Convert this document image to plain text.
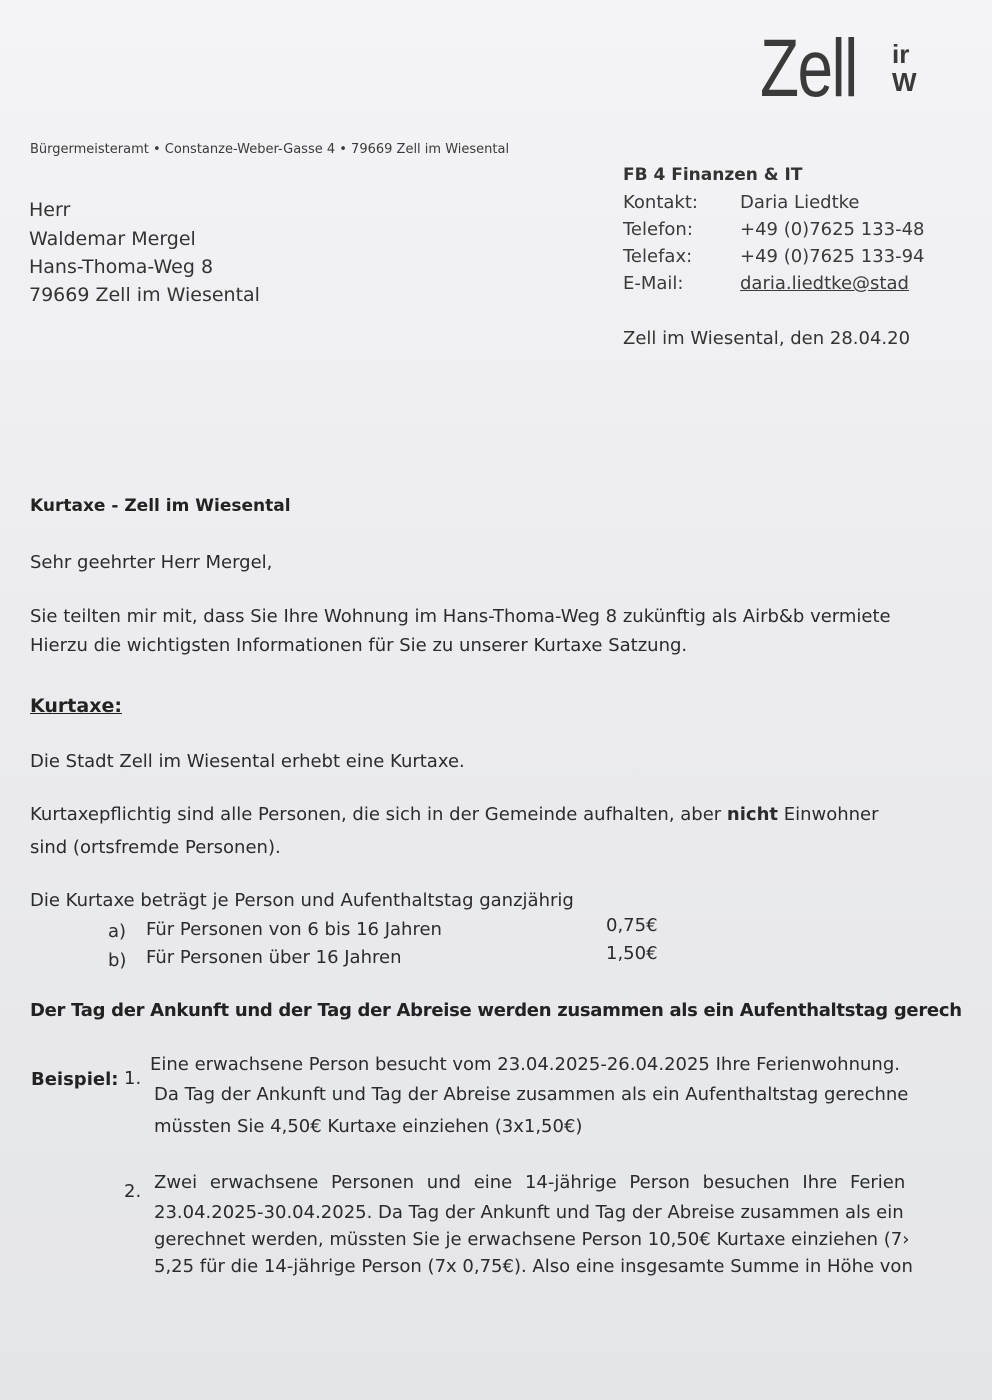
Zell ir
W
Bürgermeisteramt • Constanze-Weber-Gasse 4 • 79669 Zell im Wiesental
Herr
Waldemar Mergel
Hans-Thoma-Weg 8
79669 Zell im Wiesental
FB 4 Finanzen & IT
Kontakt: Daria Liedtke
Telefon:	+49 (0)7625 133-48
Telefax:	+49 (0)7625 133-94
E-Mail:	daria.liedtke@stad
Zell im Wiesental, den 28.04.20
Kurtaxe - Zell im Wiesental
Sehr geehrter Herr Mergel,
Sie teilten mir mit, dass Sie Ihre Wohnung im Hans-Thoma-Weg 8 zukünftig als Airb&b vermiete
Hierzu die wichtigsten Informationen für Sie zu unserer Kurtaxe Satzung.
Kurtaxe:
Die Stadt Zell im Wiesental erhebt eine Kurtaxe.
Kurtaxepflichtig sind alle Personen, die sich in der Gemeinde aufhalten, aber nicht Einwohner
sind (ortsfremde Personen).
Die Kurtaxe beträgt je Person und Aufenthaltstag ganzjährig
a) Für Personen von 6 bis 16 Jahren	0,75€
b) Für Personen über 16 Jahren	1,50€
Der Tag der Ankunft und der Tag der Abreise werden zusammen als ein Aufenthaltstag gerech
Beispiel: 1.
Eine erwachsene Person besucht vom 23.04.2025-26.04.2025 Ihre Ferienwohnung.
Da Tag der Ankunft und Tag der Abreise zusammen als ein Aufenthaltstag gerechne
müssten Sie 4,50€ Kurtaxe einziehen (3x1,50€)
2. Zwei erwachsene Personen und eine 14-jährige Person besuchen Ihre Ferien
23.04.2025-30.04.2025. Da Tag der Ankunft und Tag der Abreise zusammen als ein
gerechnet werden, müssten Sie je erwachsene Person 10,50€ Kurtaxe einziehen (7›
5,25 für die 14-jährige Person (7x 0,75€). Also eine insgesamte Summe in Höhe von
